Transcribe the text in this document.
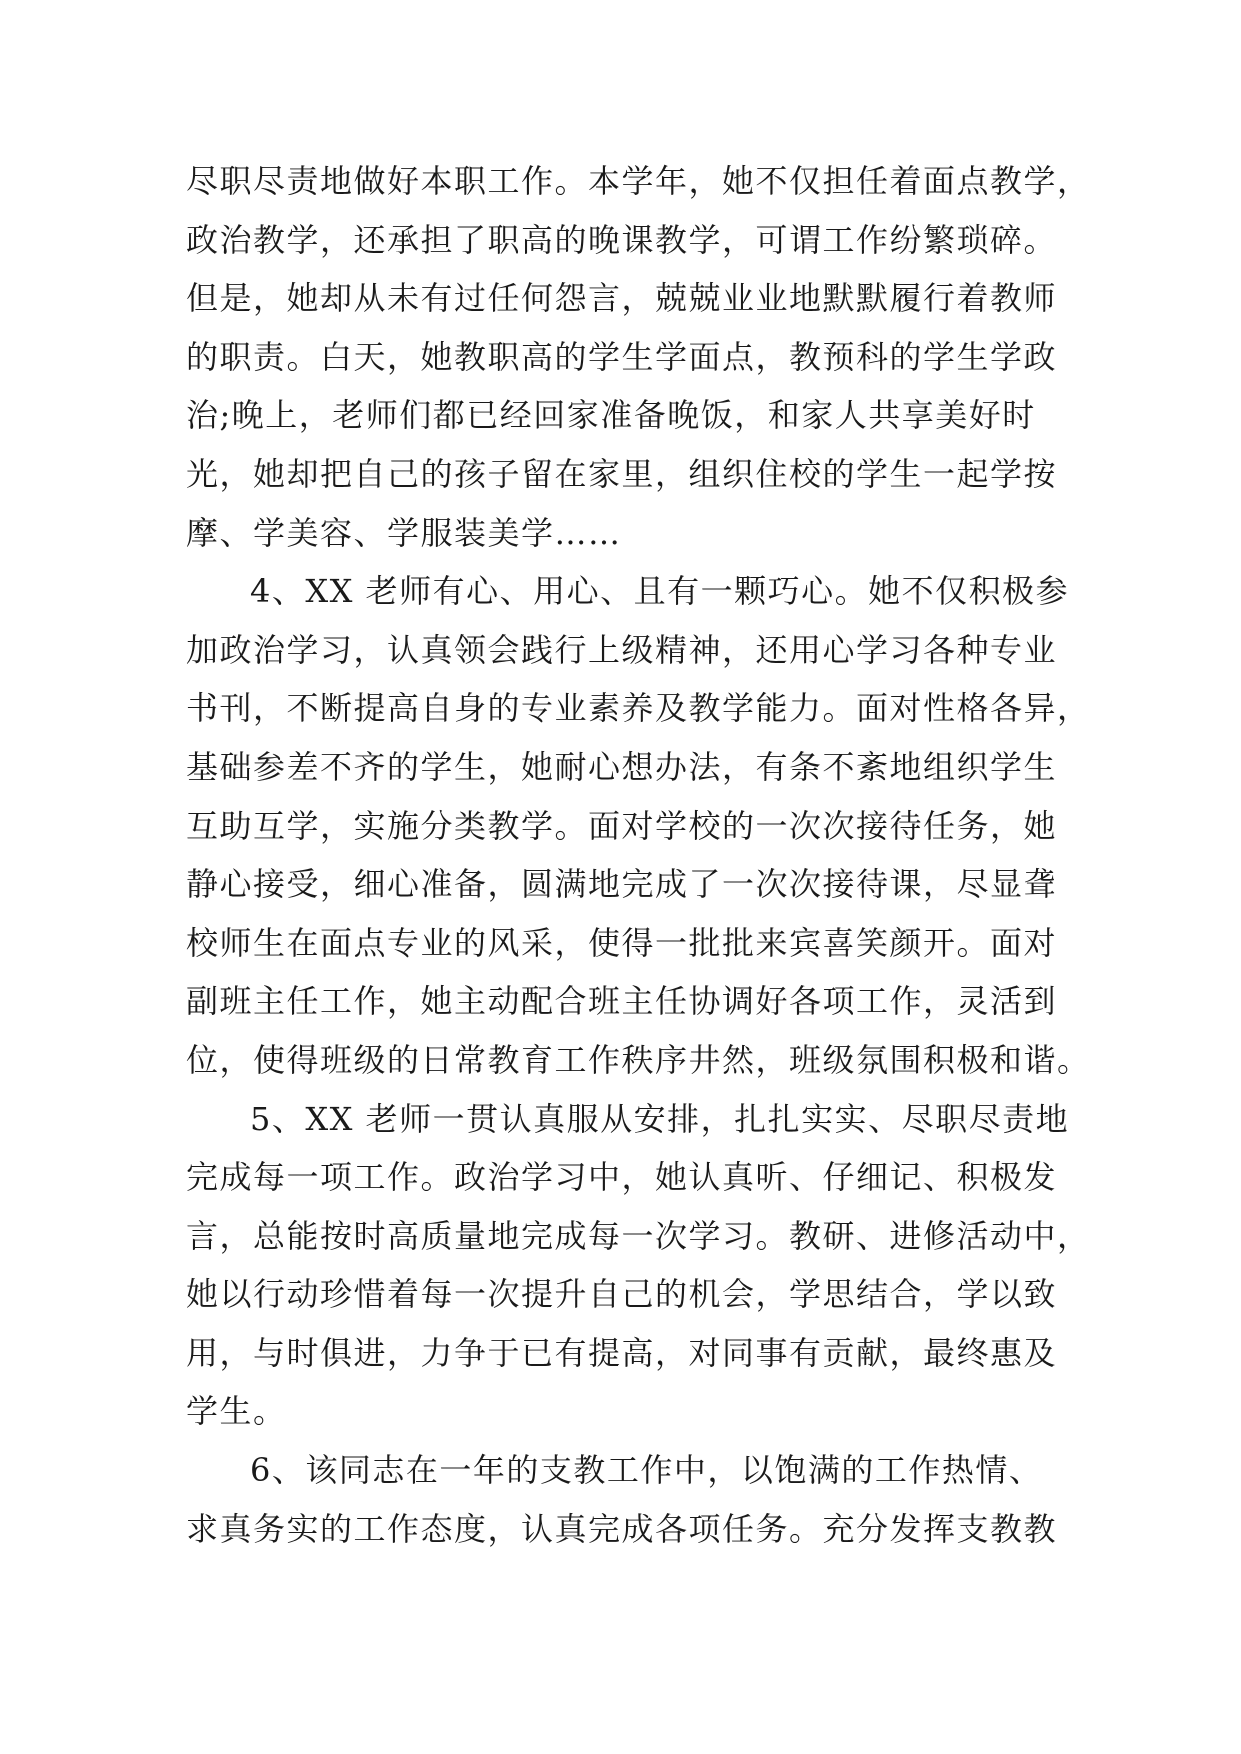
尽职尽责地做好本职工作。本学年，她不仅担任着面点教学，
政治教学，还承担了职高的晚课教学，可谓工作纷繁琐碎。
但是，她却从未有过任何怨言，兢兢业业地默默履行着教师
的职责。白天，她教职高的学生学面点，教预科的学生学政
治;晚上，老师们都已经回家准备晚饭，和家人共享美好时
光，她却把自己的孩子留在家里，组织住校的学生一起学按
摩、学美容、学服装美学……
4、XX 老师有心、用心、且有一颗巧心。她不仅积极参
加政治学习，认真领会践行上级精神，还用心学习各种专业
书刊，不断提高自身的专业素养及教学能力。面对性格各异，
基础参差不齐的学生，她耐心想办法，有条不紊地组织学生
互助互学，实施分类教学。面对学校的一次次接待任务，她
静心接受，细心准备，圆满地完成了一次次接待课，尽显聋
校师生在面点专业的风采，使得一批批来宾喜笑颜开。面对
副班主任工作，她主动配合班主任协调好各项工作，灵活到
位，使得班级的日常教育工作秩序井然，班级氛围积极和谐。
5、XX 老师一贯认真服从安排，扎扎实实、尽职尽责地
完成每一项工作。政治学习中，她认真听、仔细记、积极发
言，总能按时高质量地完成每一次学习。教研、进修活动中，
她以行动珍惜着每一次提升自己的机会，学思结合，学以致
用，与时俱进，力争于已有提高，对同事有贡献，最终惠及
学生。
6、该同志在一年的支教工作中，以饱满的工作热情、
求真务实的工作态度，认真完成各项任务。充分发挥支教教
